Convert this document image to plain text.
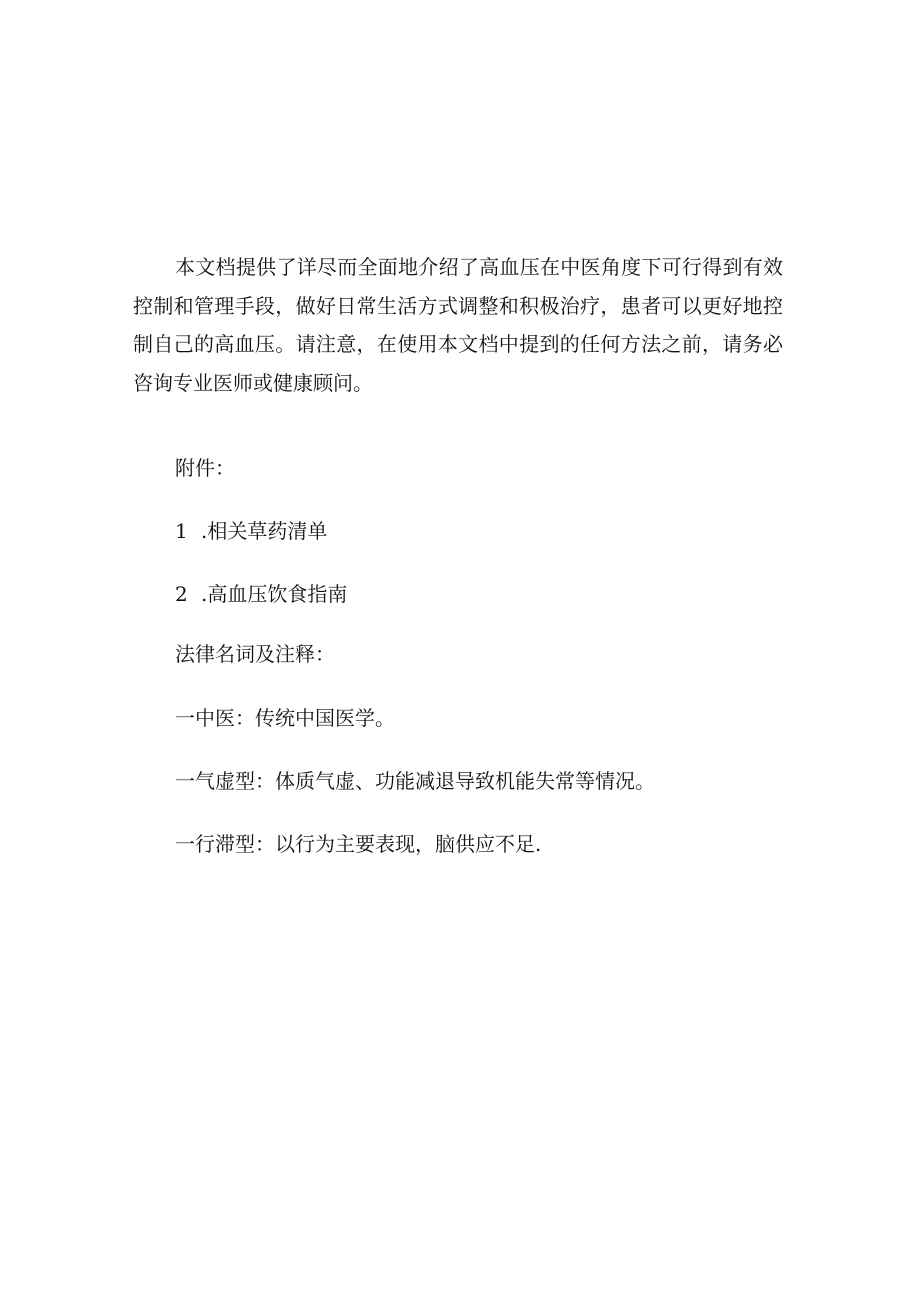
本文档提供了详尽而全面地介绍了高血压在中医角度下可行得到有效控制和管理手段，做好日常生活方式调整和积极治疗，患者可以更好地控制自己的高血压。请注意，在使用本文档中提到的任何方法之前，请务必咨询专业医师或健康顾问。

附件：

1 .相关草药清单

2 .高血压饮食指南

法律名词及注释：

一中医：传统中国医学。

一气虚型：体质气虚、功能减退导致机能失常等情况。

一行滞型：以行为主要表现，脑供应不足.
